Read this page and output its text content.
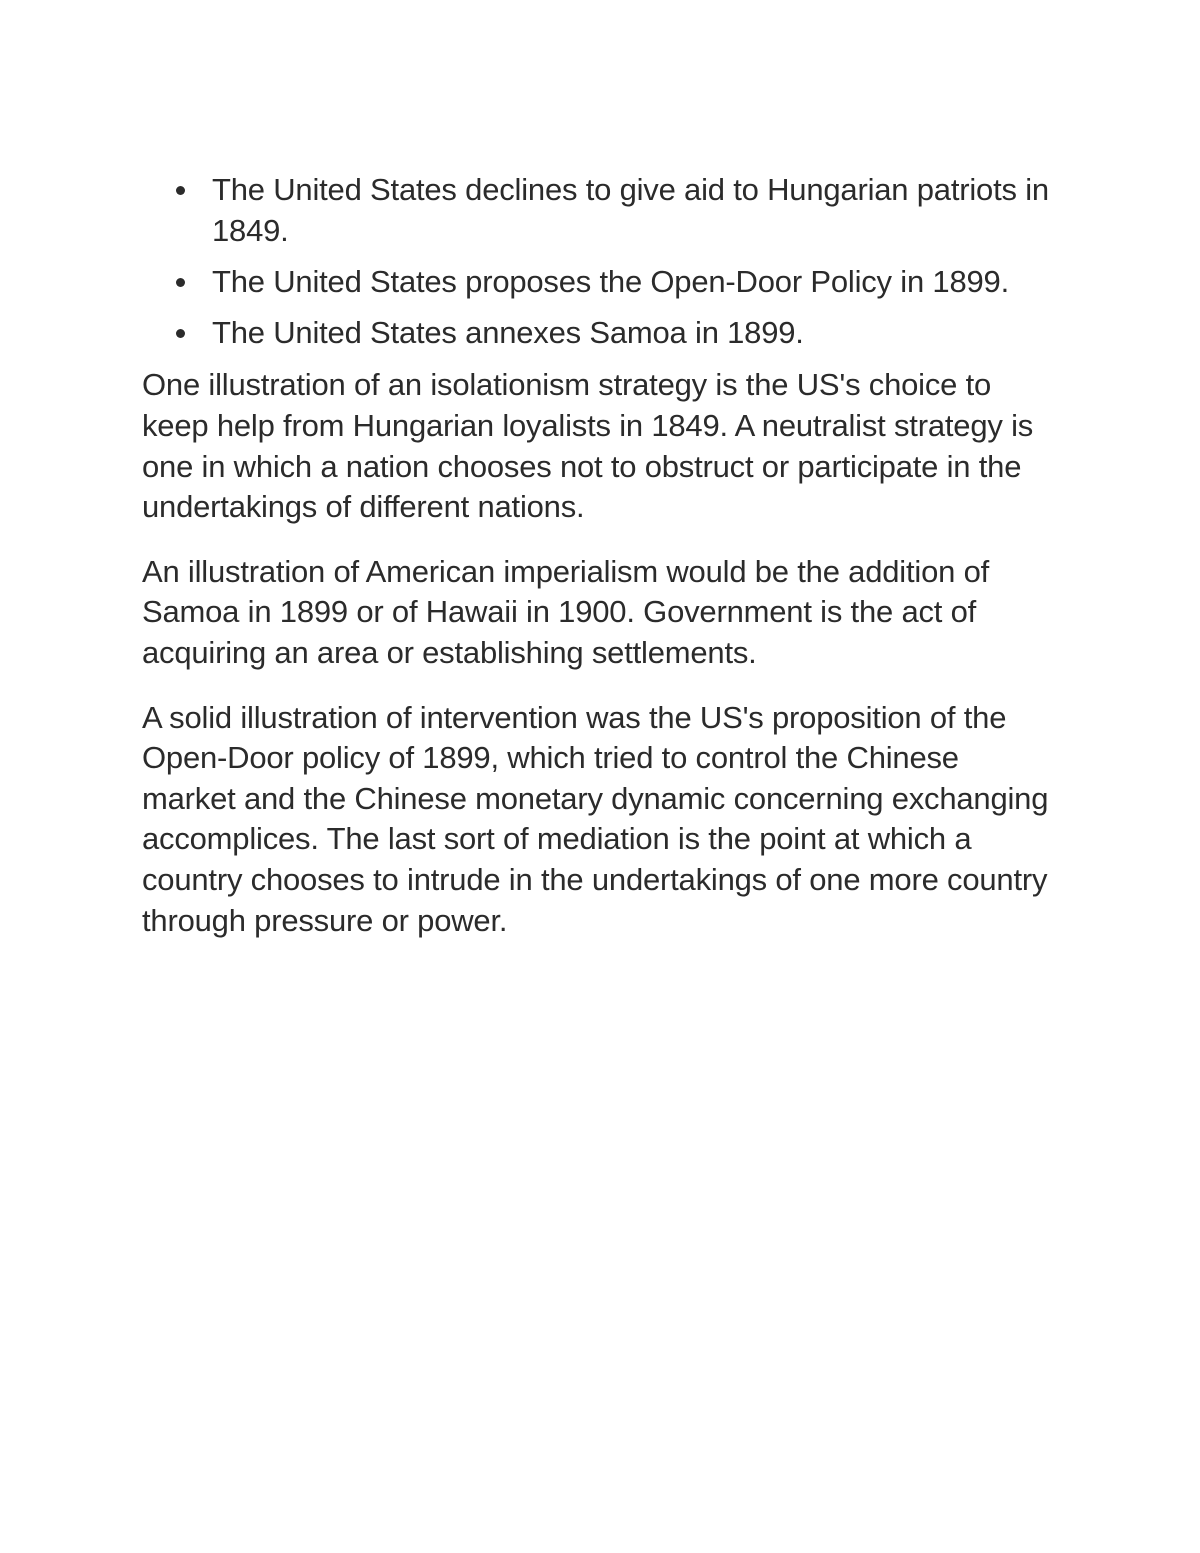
The United States declines to give aid to Hungarian patriots in 1849.
The United States proposes the Open-Door Policy in 1899.
The United States annexes Samoa in 1899.

One illustration of an isolationism strategy is the US's choice to keep help from Hungarian loyalists in 1849. A neutralist strategy is one in which a nation chooses not to obstruct or participate in the undertakings of different nations.

An illustration of American imperialism would be the addition of Samoa in 1899 or of Hawaii in 1900. Government is the act of acquiring an area or establishing settlements.

A solid illustration of intervention was the US's proposition of the Open-Door policy of 1899, which tried to control the Chinese market and the Chinese monetary dynamic concerning exchanging accomplices. The last sort of mediation is the point at which a country chooses to intrude in the undertakings of one more country through pressure or power.
